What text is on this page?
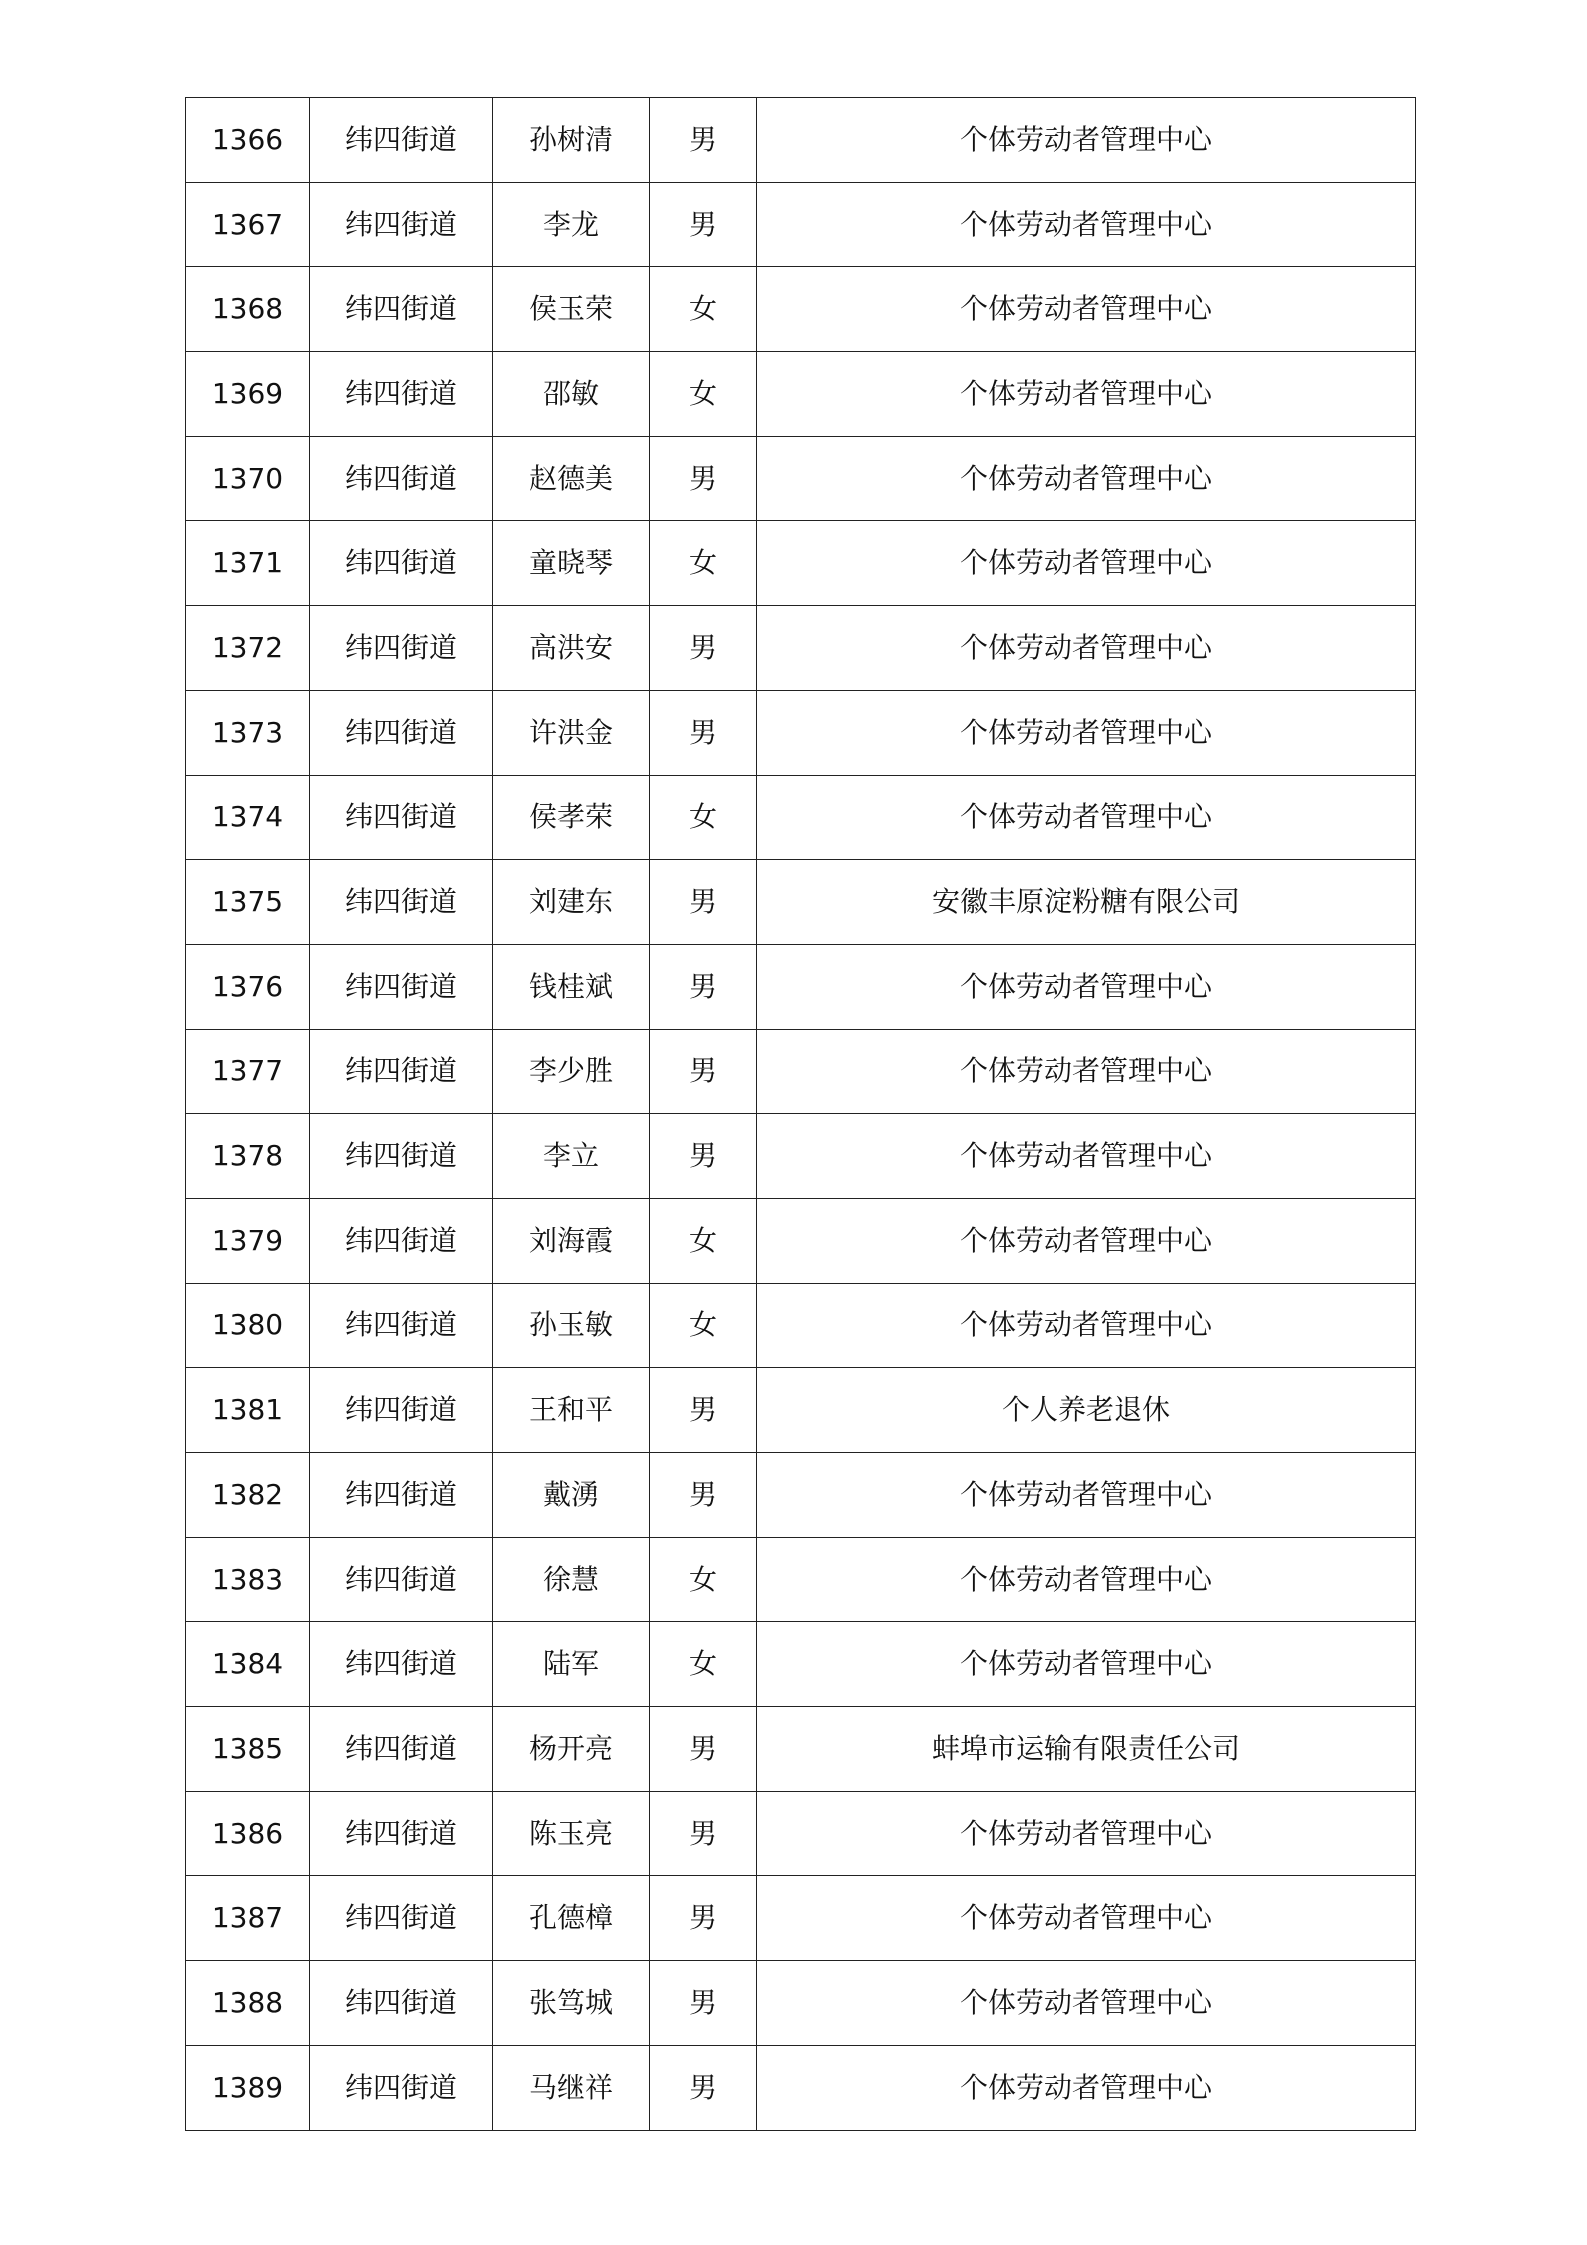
1366	纬四街道	孙树清	男	个体劳动者管理中心
1367	纬四街道	李龙	男	个体劳动者管理中心
1368	纬四街道	侯玉荣	女	个体劳动者管理中心
1369	纬四街道	邵敏	女	个体劳动者管理中心
1370	纬四街道	赵德美	男	个体劳动者管理中心
1371	纬四街道	童晓琴	女	个体劳动者管理中心
1372	纬四街道	高洪安	男	个体劳动者管理中心
1373	纬四街道	许洪金	男	个体劳动者管理中心
1374	纬四街道	侯孝荣	女	个体劳动者管理中心
1375	纬四街道	刘建东	男	安徽丰原淀粉糖有限公司
1376	纬四街道	钱桂斌	男	个体劳动者管理中心
1377	纬四街道	李少胜	男	个体劳动者管理中心
1378	纬四街道	李立	男	个体劳动者管理中心
1379	纬四街道	刘海霞	女	个体劳动者管理中心
1380	纬四街道	孙玉敏	女	个体劳动者管理中心
1381	纬四街道	王和平	男	个人养老退休
1382	纬四街道	戴湧	男	个体劳动者管理中心
1383	纬四街道	徐慧	女	个体劳动者管理中心
1384	纬四街道	陆军	女	个体劳动者管理中心
1385	纬四街道	杨开亮	男	蚌埠市运输有限责任公司
1386	纬四街道	陈玉亮	男	个体劳动者管理中心
1387	纬四街道	孔德樟	男	个体劳动者管理中心
1388	纬四街道	张笃城	男	个体劳动者管理中心
1389	纬四街道	马继祥	男	个体劳动者管理中心
